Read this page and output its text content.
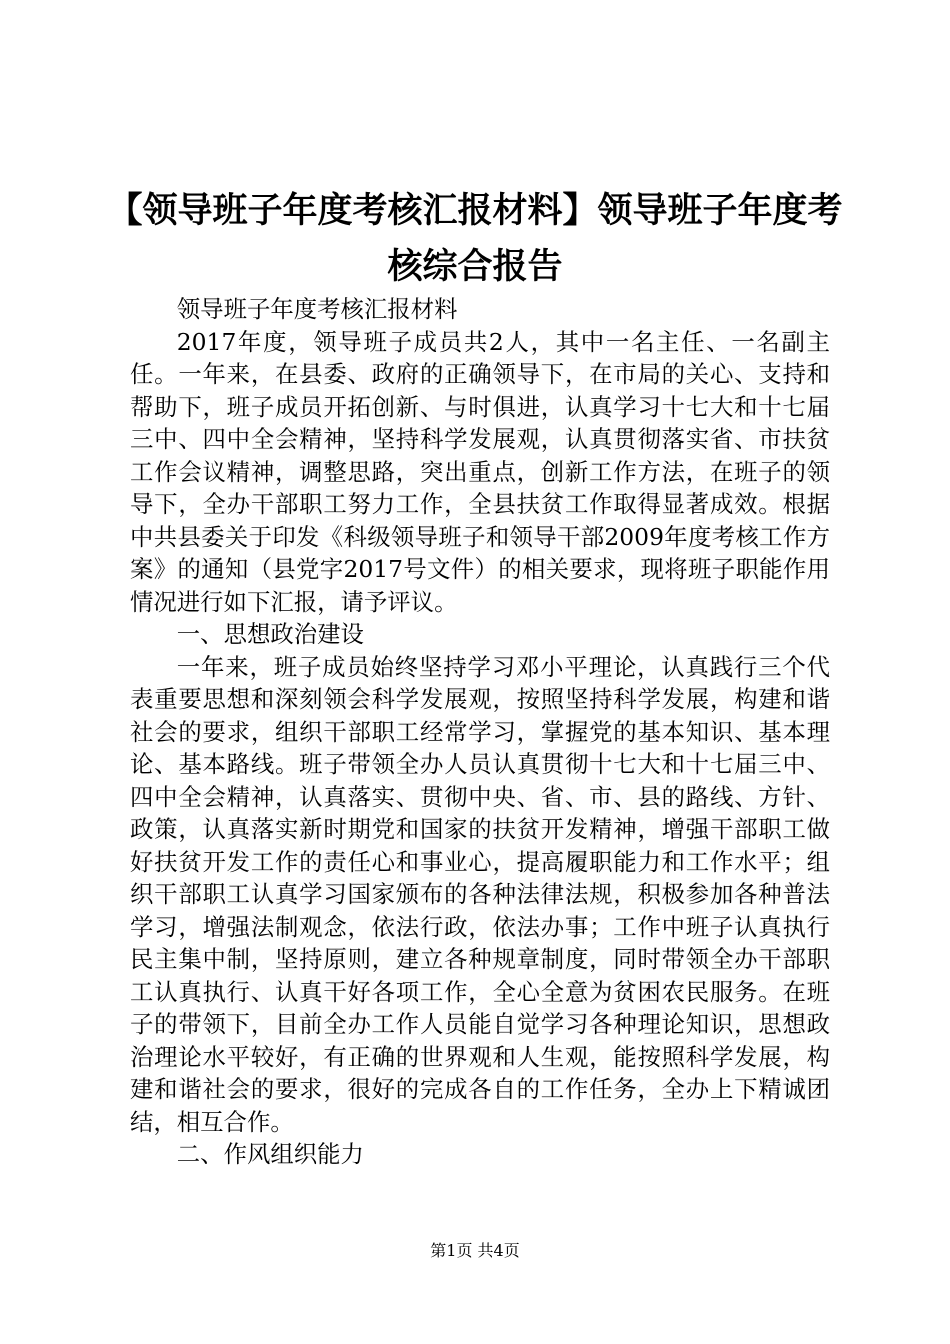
【领导班子年度考核汇报材料】领导班子年度考核综合报告

领导班子年度考核汇报材料

2017年度，领导班子成员共2人，其中一名主任、一名副主任。一年来，在县委、政府的正确领导下，在市局的关心、支持和帮助下，班子成员开拓创新、与时俱进，认真学习十七大和十七届三中、四中全会精神，坚持科学发展观，认真贯彻落实省、市扶贫工作会议精神，调整思路，突出重点，创新工作方法，在班子的领导下，全办干部职工努力工作，全县扶贫工作取得显著成效。根据中共县委关于印发《科级领导班子和领导干部2009年度考核工作方案》的通知（县党字2017号文件）的相关要求，现将班子职能作用情况进行如下汇报，请予评议。

一、思想政治建设

一年来，班子成员始终坚持学习邓小平理论，认真践行三个代表重要思想和深刻领会科学发展观，按照坚持科学发展，构建和谐社会的要求，组织干部职工经常学习，掌握党的基本知识、基本理论、基本路线。班子带领全办人员认真贯彻十七大和十七届三中、四中全会精神，认真落实、贯彻中央、省、市、县的路线、方针、政策，认真落实新时期党和国家的扶贫开发精神，增强干部职工做好扶贫开发工作的责任心和事业心，提高履职能力和工作水平；组织干部职工认真学习国家颁布的各种法律法规，积极参加各种普法学习，增强法制观念，依法行政，依法办事；工作中班子认真执行民主集中制，坚持原则，建立各种规章制度，同时带领全办干部职工认真执行、认真干好各项工作，全心全意为贫困农民服务。在班子的带领下，目前全办工作人员能自觉学习各种理论知识，思想政治理论水平较好，有正确的世界观和人生观，能按照科学发展，构建和谐社会的要求，很好的完成各自的工作任务，全办上下精诚团结，相互合作。

二、作风组织能力

第1页 共4页
